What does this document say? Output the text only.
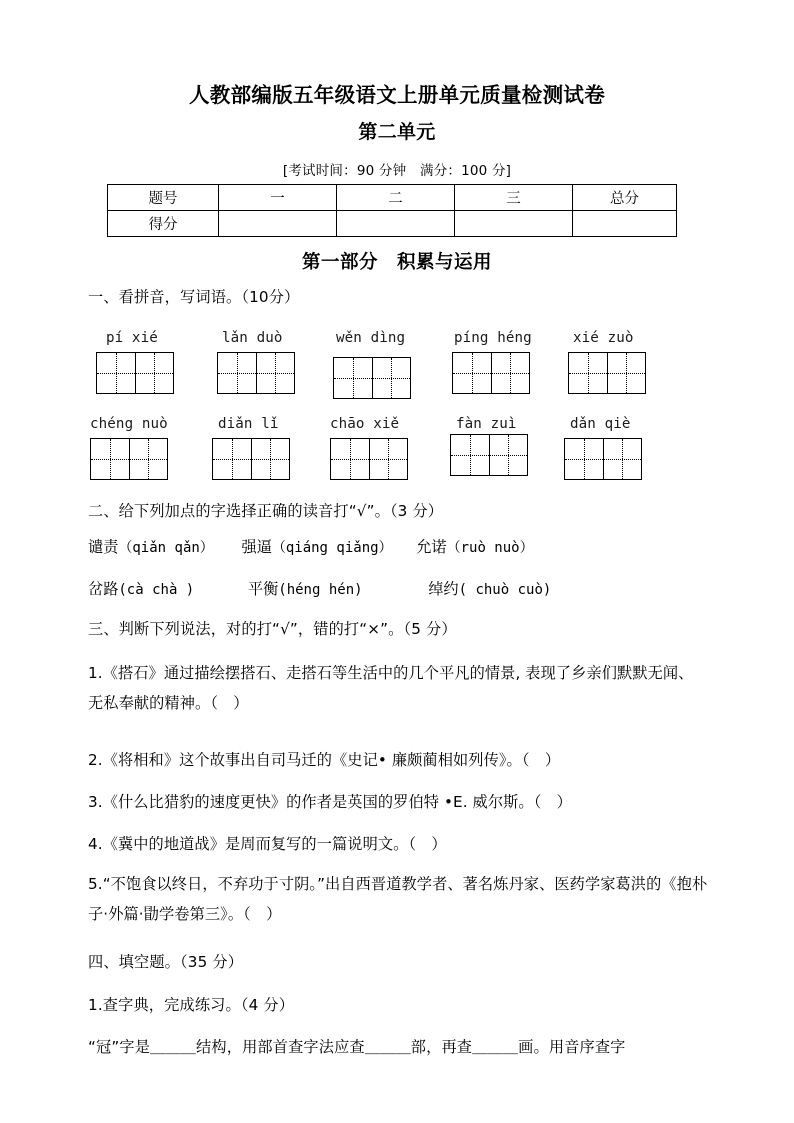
人教部编版五年级语文上册单元质量检测试卷
第二单元
[考试时间：90 分钟　满分：100 分]
题号	一	二	三	总分
得分				
第一部分　积累与运用
一、看拼音，写词语。（10分）
pí xié	lǎn duò	wěn dìng	píng héng	xié zuò
chéng nuò	diǎn lǐ	chāo xiě	fàn zuì	dǎn qiè
二、给下列加点的字选择正确的读音打“√”。（3 分）
谴责（qiǎn qǎn） 强逼（qiáng qiǎng） 允诺（ruò nuò）
岔路(cà chà )	平衡(héng hén)	绰约( chuò cuò)
三、判断下列说法，对的打“√”，错的打“×”。（5 分）
1.《搭石》通过描绘摆搭石、走搭石等生活中的几个平凡的情景, 表现了乡亲们默默无闻、无私奉献的精神。（　）
2.《将相和》这个故事出自司马迁的《史记• 廉颇蔺相如列传》。（　）
3.《什么比猎豹的速度更快》的作者是英国的罗伯特 •E. 威尔斯。（　）
4.《冀中的地道战》是周而复写的一篇说明文。（　）
5.“不饱食以终日，不弃功于寸阴。”出自西晋道教学者、著名炼丹家、医药学家葛洪的《抱朴子·外篇·勖学卷第三》。（　）
四、填空题。（35 分）
1.查字典，完成练习。（4 分）
“冠”字是＿＿＿结构，用部首查字法应查＿＿＿部，再查＿＿＿画。用音序查字
